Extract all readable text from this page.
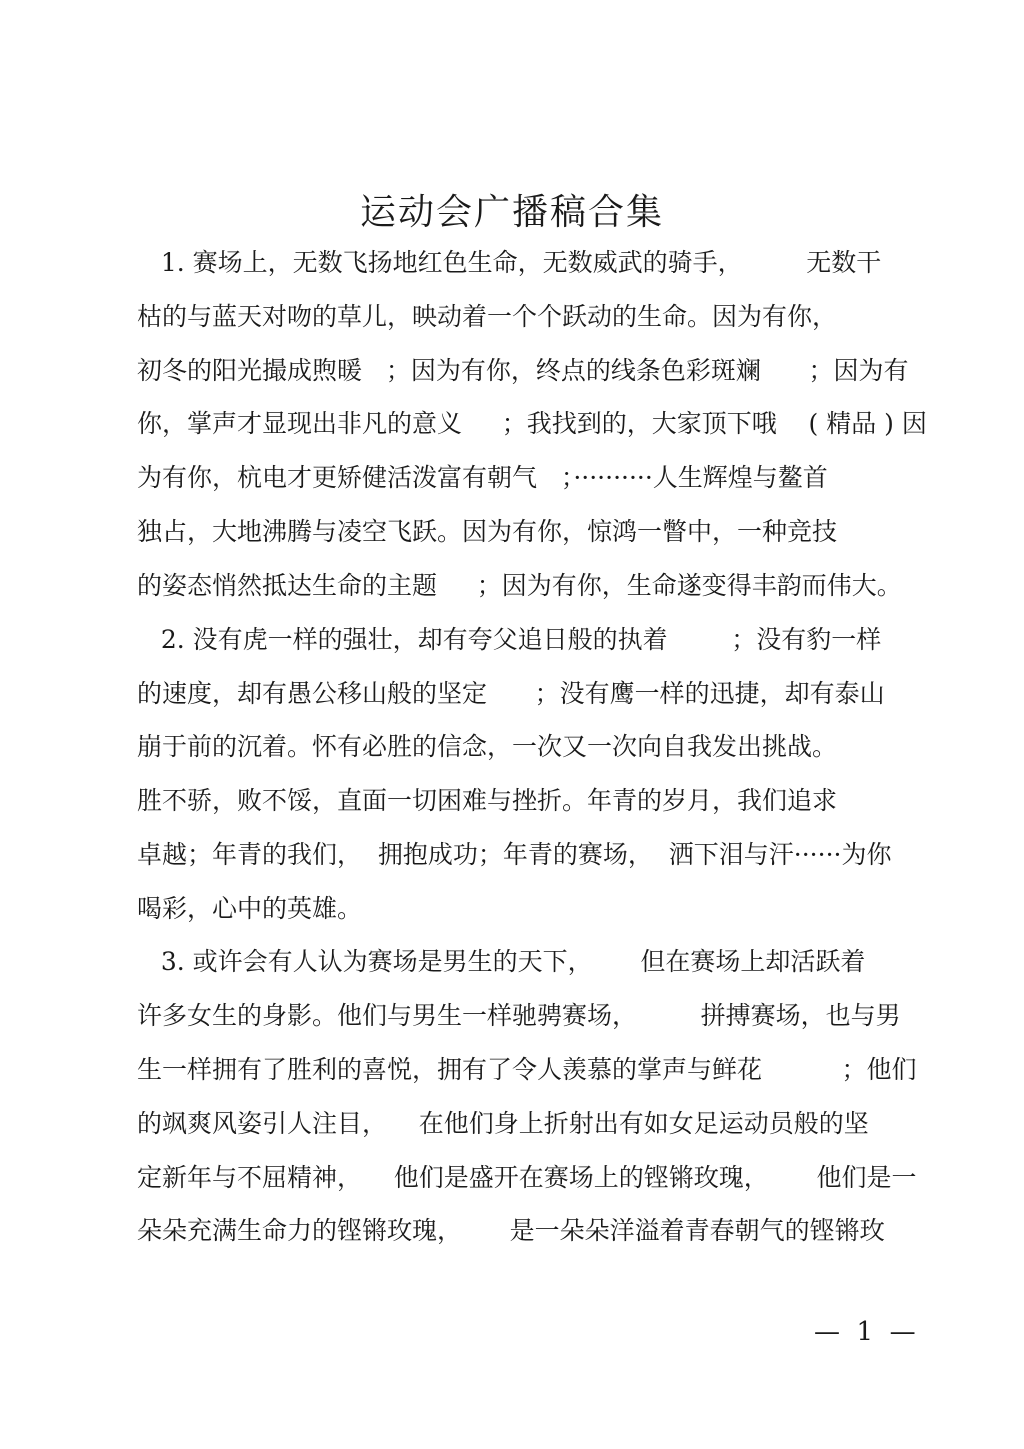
运动会广播稿合集
1. 赛场上，无数飞扬地红色生命，无数威武的骑手，        无数干
枯的与蓝天对吻的草儿，映动着一个个跃动的生命。因为有你，
初冬的阳光撮成煦暖   ；因为有你，终点的线条色彩斑斓      ；因为有
你，掌声才显现出非凡的意义     ；我找到的，大家顶下哦    ( 精品 ) 因
为有你，杭电才更矫健活泼富有朝气   ；··········人生辉煌与鳌首
独占，大地沸腾与凌空飞跃。因为有你，惊鸿一瞥中，一种竞技
的姿态悄然抵达生命的主题     ；因为有你，生命遂变得丰韵而伟大。
2. 没有虎一样的强壮，却有夸父追日般的执着        ；没有豹一样
的速度，却有愚公移山般的坚定      ；没有鹰一样的迅捷，却有泰山
崩于前的沉着。怀有必胜的信念，一次又一次向自我发出挑战。
胜不骄，败不馁，直面一切困难与挫折。年青的岁月，我们追求
卓越；年青的我们，  拥抱成功；年青的赛场，  洒下泪与汗······为你
喝彩，心中的英雄。
3. 或许会有人认为赛场是男生的天下，      但在赛场上却活跃着
许多女生的身影。他们与男生一样驰骋赛场，        拼搏赛场，也与男
生一样拥有了胜利的喜悦，拥有了令人羡慕的掌声与鲜花          ；他们
的飒爽风姿引人注目，    在他们身上折射出有如女足运动员般的坚
定新年与不屈精神，    他们是盛开在赛场上的铿锵玫瑰，      他们是一
朵朵充满生命力的铿锵玫瑰，      是一朵朵洋溢着青春朝气的铿锵玫
—  1  —
